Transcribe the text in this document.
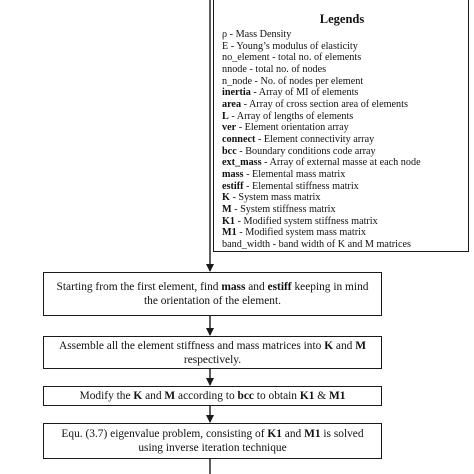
Legends
ρ - Mass Density
E - Young’s modulus of elasticity
no_element - total no. of elements
nnode - total no. of nodes
n_node - No. of nodes per element
inertia - Array of MI of elements
area - Array of cross section area of elements
L - Array of lengths of elements
ver - Element orientation array
connect - Element connectivity array
bcc - Boundary conditions code array
ext_mass - Array of external masse at each node
mass - Elemental mass matrix
estiff - Elemental stiffness matrix
K - System mass matrix
M - System stiffness matrix
K1 - Modified system stiffness matrix
M1 - Modified system mass matrix
band_width - band width of K and M matrices
Starting from the first element, find mass and estiff keeping in mind the orientation of the element.
Assemble all the element stiffness and mass matrices into K and M respectively.
Modify the K and M according to bcc to obtain K1 & M1
Equ. (3.7) eigenvalue problem, consisting of K1 and M1 is solved using inverse iteration technique
